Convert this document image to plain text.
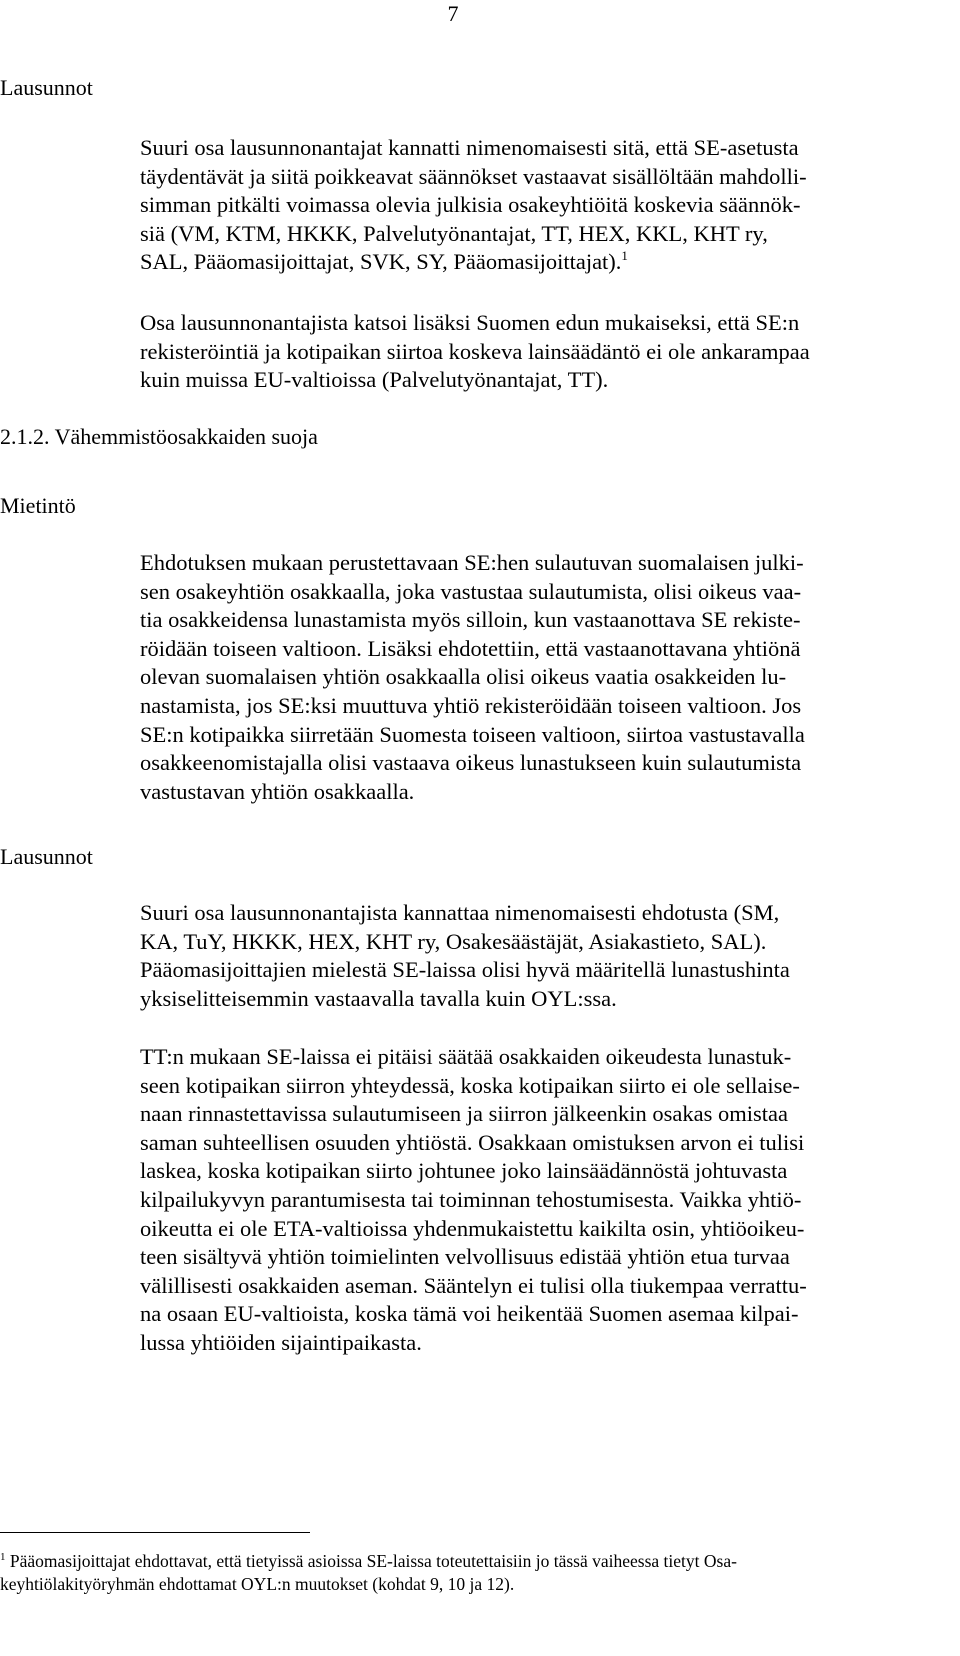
7
Lausunnot
Suuri osa lausunnonantajat kannatti nimenomaisesti sitä, että SE-asetusta
täydentävät ja siitä poikkeavat säännökset vastaavat sisällöltään mahdolli-
simman pitkälti voimassa olevia julkisia osakeyhtiöitä koskevia säännök-
siä (VM, KTM, HKKK, Palvelutyönantajat, TT, HEX, KKL, KHT ry,
SAL, Pääomasijoittajat, SVK, SY, Pääomasijoittajat).$^1$
Osa lausunnonantajista katsoi lisäksi Suomen edun mukaiseksi, että SE:n
rekisteröintiä ja kotipaikan siirtoa koskeva lainsäädäntö ei ole ankarampaa
kuin muissa EU-valtioissa (Palvelutyönantajat, TT).
2.1.2. Vähemmistöosakkaiden suoja
Mietintö
Ehdotuksen mukaan perustettavaan SE:hen sulautuvan suomalaisen julki-
sen osakeyhtiön osakkaalla, joka vastustaa sulautumista, olisi oikeus vaa-
tia osakkeidensa lunastamista myös silloin, kun vastaanottava SE rekiste-
röidään toiseen valtioon. Lisäksi ehdotettiin, että vastaanottavana yhtiönä
olevan suomalaisen yhtiön osakkaalla olisi oikeus vaatia osakkeiden lu-
nastamista, jos SE:ksi muuttuva yhtiö rekisteröidään toiseen valtioon. Jos
SE:n kotipaikka siirretään Suomesta toiseen valtioon, siirtoa vastustavalla
osakkeenomistajalla olisi vastaava oikeus lunastukseen kuin sulautumista
vastustavan yhtiön osakkaalla.
Lausunnot
Suuri osa lausunnonantajista kannattaa nimenomaisesti ehdotusta (SM,
KA, TuY, HKKK, HEX, KHT ry, Osakesäästäjät, Asiakastieto, SAL).
Pääomasijoittajien mielestä SE-laissa olisi hyvä määritellä lunastushinta
yksiselitteisemmin vastaavalla tavalla kuin OYL:ssa.
TT:n mukaan SE-laissa ei pitäisi säätää osakkaiden oikeudesta lunastuk-
seen kotipaikan siirron yhteydessä, koska kotipaikan siirto ei ole sellaise-
naan rinnastettavissa sulautumiseen ja siirron jälkeenkin osakas omistaa
saman suhteellisen osuuden yhtiöstä. Osakkaan omistuksen arvon ei tulisi
laskea, koska kotipaikan siirto johtunee joko lainsäädännöstä johtuvasta
kilpailukyvyn parantumisesta tai toiminnan tehostumisesta. Vaikka yhtiö-
oikeutta ei ole ETA-valtioissa yhdenmukaistettu kaikilta osin, yhtiöoikeu-
teen sisältyvä yhtiön toimielinten velvollisuus edistää yhtiön etua turvaa
välillisesti osakkaiden aseman. Sääntelyn ei tulisi olla tiukempaa verrattu-
na osaan EU-valtioista, koska tämä voi heikentää Suomen asemaa kilpai-
lussa yhtiöiden sijaintipaikasta.
$^1$ Pääomasijoittajat ehdottavat, että tietyissä asioissa SE-laissa toteutettaisiin jo tässä vaiheessa tietyt Osa-
keyhtiölakityöryhmän ehdottamat OYL:n muutokset (kohdat 9, 10 ja 12).
